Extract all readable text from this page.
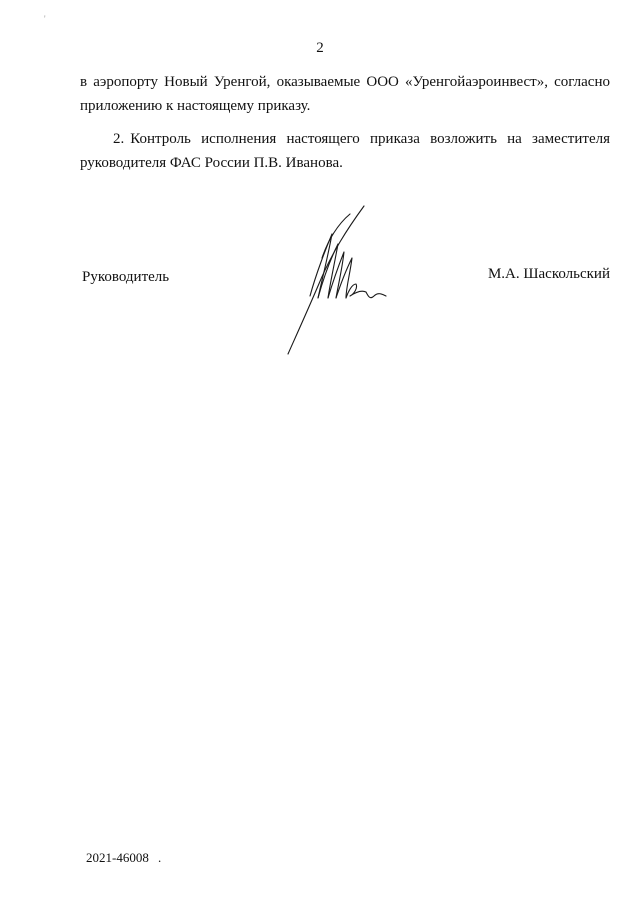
'
2

в аэропорту Новый Уренгой, оказываемые ООО «Уренгойаэроинвест», согласно приложению к настоящему приказу.

2. Контроль исполнения настоящего приказа возложить на заместителя руководителя ФАС России П.В. Иванова.

Руководитель	М.А. Шаскольский
2021-46008 .
